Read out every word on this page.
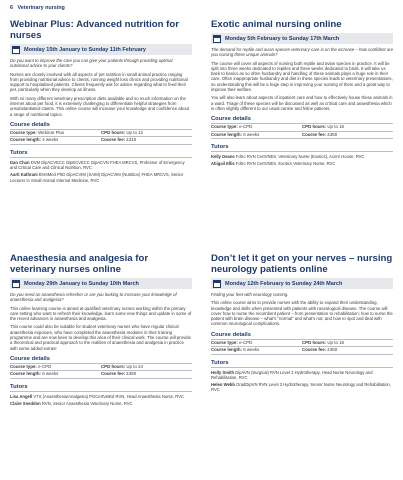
6 Veterinary nursing
Webinar Plus: Advanced nutrition for nurses
Monday 15th January to Sunday 11th February
Do you want to improve the care you can give your patients through providing optimal nutritional advice to your clients?
Nurses are closely involved with all aspects of pet nutrition in small animal practice ranging from providing nutritional advice to clients, running weight loss clinics and providing nutritional support to hospitalised patients. Clients frequently ask for advice regarding what to feed their pet, particularly when they develop an illness.
With so many different veterinary prescription diets available and so much information on the internet about pet food, it is extremely challenging to differentiate helpful strategies from unsubstantiated claims. This online course will increase your knowledge and confidence about a range of nutritional topics.
Course details
Course type: Webinar Plus	CPD hours: Up to 12
Course length: 4 weeks	Course fee: £315
Tutors
Dan Chan DVM DipACVECC DipECVECC DipACVN FHEA MRCVS, Professor of Emergency and Critical Care and Clinical Nutrition, RVC
Aarti Kathrani BVetMed PhD DipACVIM (SAIM) DipACVIM (Nutrition) FHEA MRCVS, Senior Lecturer in Small Animal Internal Medicine, RVC
Exotic animal nursing online
Monday 5th February to Sunday 17th March
The demand for reptile and avian species veterinary care is on the increase – how confident are you nursing these unique animals?
The course will cover all aspects of nursing both reptile and avian species in practice. It will be split into three weeks dedicated to reptiles and three weeks dedicated to birds. It will take us back to basics as so often husbandry and handling of these animals plays a huge role in their care. Often inappropriate husbandry and diet in these species leads to veterinary presentations, so understanding this will be a huge step in improving your nursing of them and a great way to improve their welfare.
You will also learn about aspects of inpatient care and how to effectively house these animals in a ward. Triage of these species will be discussed as well as critical care and anaesthesia which is often slightly different to our usual canine and feline patients.
Course details
Course type: e-CPD	CPD hours: Up to 18
Course length: 6 weeks	Course fee: £350
Tutors
Kelly Deans FdSc RVN CertVNES, Veterinary Nurse (Exotics), Acorn House, RVC
Abigail Ellis FdSc RVN CertVNES, Exotics Veterinary Nurse, RVC
Anaesthesia and analgesia for veterinary nurses online
Monday 29th January to Sunday 10th March
Do you need an anaesthesia refresher or are you looking to increase your knowledge of anaesthesia and analgesia?
This online learning course is aimed at qualified veterinary nurses working within the primary care setting who want to refresh their knowledge, learn some new things and update in some of the recent advances in anaesthesia and analgesia.
This course could also be suitable for student veterinary nurses who have regular clinical anaesthesia exposure, who have completed the anaesthesia modules in their training programme and are now keen to develop this area of their clinical work. The course will provide a theoretical and practical approach to the realities of anaesthesia and analgesia in practice with some added extras!
Course details
Course type: e-CPD	CPD hours: Up to 24
Course length: 6 weeks	Course fee: £350
Tutors
Lisa Angell VTS (Anaesthesia/Analgesia) PGCertVetEd RVN, Head Anaesthesia Nurse, RVC
Claire Sneddon RVN, Senior Anaesthesia Veterinary Nurse, RVC
Don’t let it get on your nerves – nursing neurology patients online
Monday 12th February to Sunday 24th March
Finding your feet with neurology nursing.
This online course aims to provide nurses with the ability to expand their understanding, knowledge and skills when presented with patients with neurological disease. The course will cover how to nurse the recumbent patient – from presentation to rehabilitation; how to nurse the patient with brain disease – what’s “normal” and what’s not; and how to spot and deal with common neurological complications.
Course details
Course type: e-CPD	CPD hours: Up to 18
Course length: 6 weeks	Course fee: £350
Tutors
Holly Smith DipAVN (Surgical) RVN Level 3 Hydrotherapy, Head Nurse Neurology and Rehabilitation, RVC
Helen Webb GradDipVN RVN Level 3 Hydrotherapy, Senior Nurse Neurology and Rehabilitation, RVC
